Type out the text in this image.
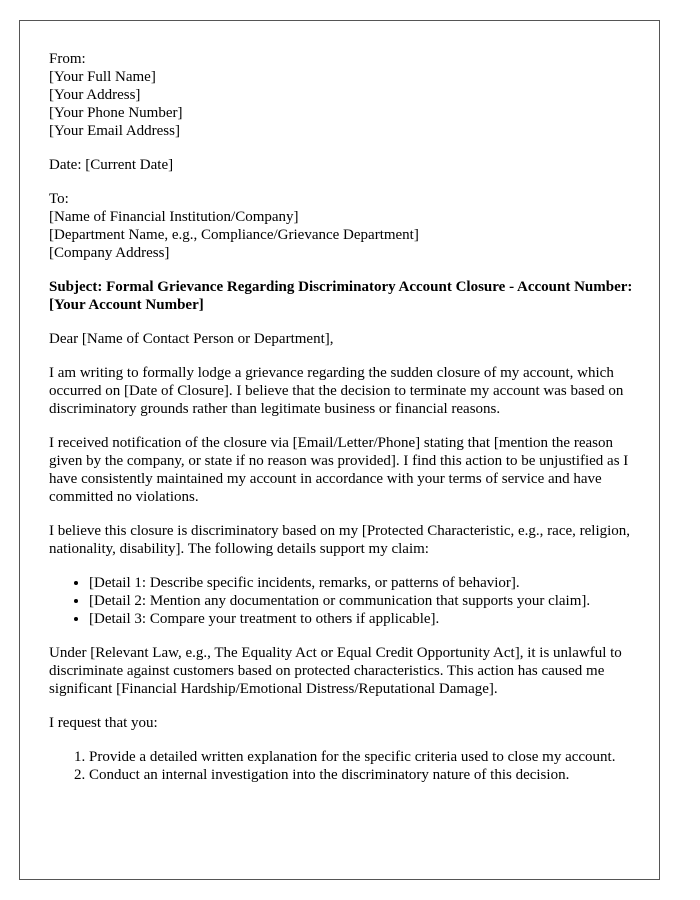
From:
[Your Full Name]
[Your Address]
[Your Phone Number]
[Your Email Address]

Date: [Current Date]

To:
[Name of Financial Institution/Company]
[Department Name, e.g., Compliance/Grievance Department]
[Company Address]

Subject: Formal Grievance Regarding Discriminatory Account Closure - Account Number: [Your Account Number]

Dear [Name of Contact Person or Department],

I am writing to formally lodge a grievance regarding the sudden closure of my account, which occurred on [Date of Closure]. I believe that the decision to terminate my account was based on discriminatory grounds rather than legitimate business or financial reasons.

I received notification of the closure via [Email/Letter/Phone] stating that [mention the reason given by the company, or state if no reason was provided]. I find this action to be unjustified as I have consistently maintained my account in accordance with your terms of service and have committed no violations.

I believe this closure is discriminatory based on my [Protected Characteristic, e.g., race, religion, nationality, disability]. The following details support my claim:

• [Detail 1: Describe specific incidents, remarks, or patterns of behavior].
• [Detail 2: Mention any documentation or communication that supports your claim].
• [Detail 3: Compare your treatment to others if applicable].

Under [Relevant Law, e.g., The Equality Act or Equal Credit Opportunity Act], it is unlawful to discriminate against customers based on protected characteristics. This action has caused me significant [Financial Hardship/Emotional Distress/Reputational Damage].

I request that you:

1. Provide a detailed written explanation for the specific criteria used to close my account.
2. Conduct an internal investigation into the discriminatory nature of this decision.
